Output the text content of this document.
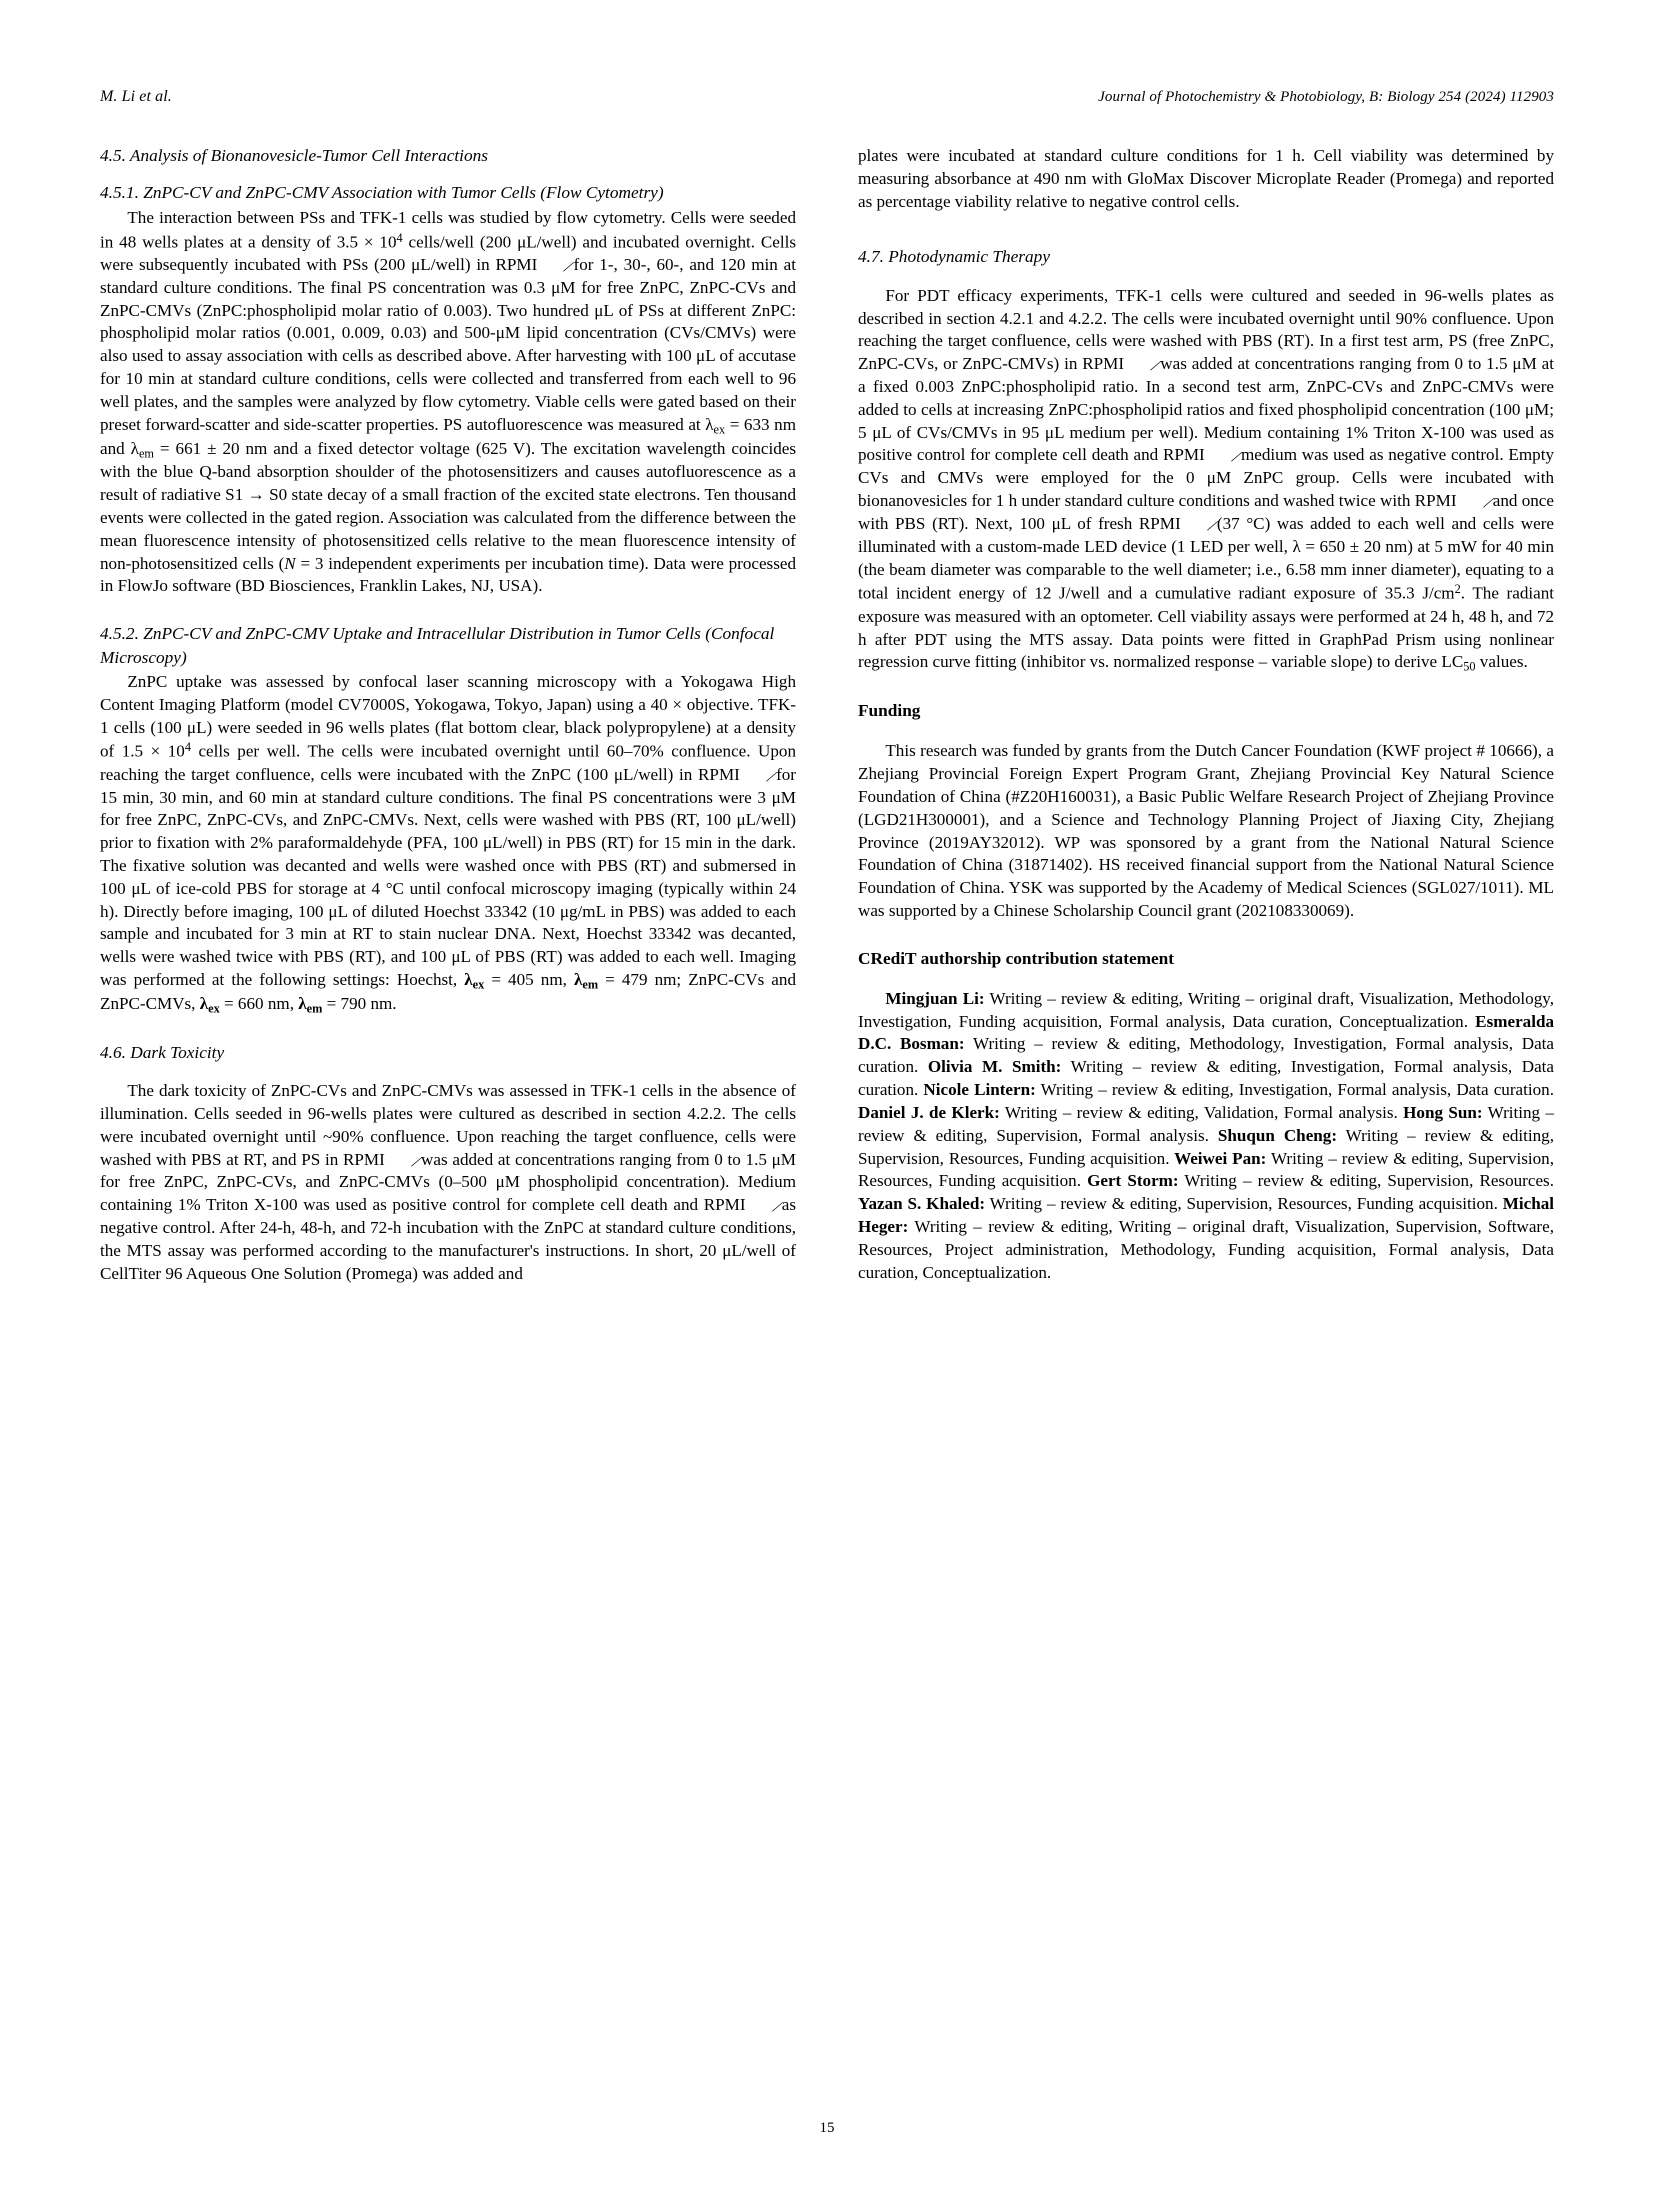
M. Li et al.	Journal of Photochemistry & Photobiology, B: Biology 254 (2024) 112903
4.5. Analysis of Bionanovesicle-Tumor Cell Interactions
4.5.1. ZnPC-CV and ZnPC-CMV Association with Tumor Cells (Flow Cytometry)

The interaction between PSs and TFK-1 cells was studied by flow cytometry. Cells were seeded in 48 wells plates at a density of $3.5 \times 10^4$ cells/well (200 μL/well) and incubated overnight. Cells were subsequently incubated with PSs (200 μL/well) in RPMI ∕for 1-, 30-, 60-, and 120 min at standard culture conditions. The final PS concentration was 0.3 μM for free ZnPC, ZnPC-CVs and ZnPC-CMVs (ZnPC:phospholipid molar ratio of 0.003). Two hundred μL of PSs at different ZnPC: phospholipid molar ratios (0.001, 0.009, 0.03) and 500-μM lipid concentration (CVs/CMVs) were also used to assay association with cells as described above. After harvesting with 100 μL of accutase for 10 min at standard culture conditions, cells were collected and transferred from each well to 96 well plates, and the samples were analyzed by flow cytometry. Viable cells were gated based on their preset forward-scatter and side-scatter properties. PS autofluorescence was measured at $\lambda_{ex} = 633$ nm and $\lambda_{em} = 661 \pm 20$ nm and a fixed detector voltage (625 V). The excitation wavelength coincides with the blue Q-band absorption shoulder of the photosensitizers and causes autofluorescence as a result of radiative S1 → S0 state decay of a small fraction of the excited state electrons. Ten thousand events were collected in the gated region. Association was calculated from the difference between the mean fluorescence intensity of photosensitized cells relative to the mean fluorescence intensity of non-photosensitized cells (N = 3 independent experiments per incubation time). Data were processed in FlowJo software (BD Biosciences, Franklin Lakes, NJ, USA).

4.5.2. ZnPC-CV and ZnPC-CMV Uptake and Intracellular Distribution in Tumor Cells (Confocal Microscopy)

ZnPC uptake was assessed by confocal laser scanning microscopy with a Yokogawa High Content Imaging Platform (model CV7000S, Yokogawa, Tokyo, Japan) using a 40 × objective. TFK-1 cells (100 μL) were seeded in 96 wells plates (flat bottom clear, black polypropylene) at a density of $1.5 \times 10^4$ cells per well. The cells were incubated overnight until 60–70% confluence. Upon reaching the target confluence, cells were incubated with the ZnPC (100 μL/well) in RPMI ∕for 15 min, 30 min, and 60 min at standard culture conditions. The final PS concentrations were 3 μM for free ZnPC, ZnPC-CVs, and ZnPC-CMVs. Next, cells were washed with PBS (RT, 100 μL/well) prior to fixation with 2% paraformaldehyde (PFA, 100 μL/well) in PBS (RT) for 15 min in the dark. The fixative solution was decanted and wells were washed once with PBS (RT) and submersed in 100 μL of ice-cold PBS for storage at 4 °C until confocal microscopy imaging (typically within 24 h). Directly before imaging, 100 μL of diluted Hoechst 33342 (10 μg/mL in PBS) was added to each sample and incubated for 3 min at RT to stain nuclear DNA. Next, Hoechst 33342 was decanted, wells were washed twice with PBS (RT), and 100 μL of PBS (RT) was added to each well. Imaging was performed at the following settings: Hoechst, $\lambda_{ex} = 405$ nm, $\lambda_{em} = 479$ nm; ZnPC-CVs and ZnPC-CMVs, $\lambda_{ex} = 660$ nm, $\lambda_{em} = 790$ nm.

4.6. Dark Toxicity

The dark toxicity of ZnPC-CVs and ZnPC-CMVs was assessed in TFK-1 cells in the absence of illumination. Cells seeded in 96-wells plates were cultured as described in section 4.2.2. The cells were incubated overnight until ~90% confluence. Upon reaching the target confluence, cells were washed with PBS at RT, and PS in RPMI ∕was added at concentrations ranging from 0 to 1.5 μM for free ZnPC, ZnPC-CVs, and ZnPC-CMVs (0–500 μM phospholipid concentration). Medium containing 1% Triton X-100 was used as positive control for complete cell death and RPMI ∕as negative control. After 24-h, 48-h, and 72-h incubation with the ZnPC at standard culture conditions, the MTS assay was performed according to the manufacturer's instructions. In short, 20 μL/well of CellTiter 96 Aqueous One Solution (Promega) was added and

plates were incubated at standard culture conditions for 1 h. Cell viability was determined by measuring absorbance at 490 nm with GloMax Discover Microplate Reader (Promega) and reported as percentage viability relative to negative control cells.

4.7. Photodynamic Therapy

For PDT efficacy experiments, TFK-1 cells were cultured and seeded in 96-wells plates as described in section 4.2.1 and 4.2.2. The cells were incubated overnight until 90% confluence. Upon reaching the target confluence, cells were washed with PBS (RT). In a first test arm, PS (free ZnPC, ZnPC-CVs, or ZnPC-CMVs) in RPMI ∕was added at concentrations ranging from 0 to 1.5 μM at a fixed 0.003 ZnPC:phospholipid ratio. In a second test arm, ZnPC-CVs and ZnPC-CMVs were added to cells at increasing ZnPC:phospholipid ratios and fixed phospholipid concentration (100 μM; 5 μL of CVs/CMVs in 95 μL medium per well). Medium containing 1% Triton X-100 was used as positive control for complete cell death and RPMI ∕medium was used as negative control. Empty CVs and CMVs were employed for the 0 μM ZnPC group. Cells were incubated with bionanovesicles for 1 h under standard culture conditions and washed twice with RPMI ∕and once with PBS (RT). Next, 100 μL of fresh RPMI ∕(37 °C) was added to each well and cells were illuminated with a custom-made LED device (1 LED per well, λ = 650 ± 20 nm) at 5 mW for 40 min (the beam diameter was comparable to the well diameter; i.e., 6.58 mm inner diameter), equating to a total incident energy of 12 J/well and a cumulative radiant exposure of 35.3 $J/cm^2$. The radiant exposure was measured with an optometer. Cell viability assays were performed at 24 h, 48 h, and 72 h after PDT using the MTS assay. Data points were fitted in GraphPad Prism using nonlinear regression curve fitting (inhibitor vs. normalized response – variable slope) to derive $LC_{50}$ values.

Funding

This research was funded by grants from the Dutch Cancer Foundation (KWF project # 10666), a Zhejiang Provincial Foreign Expert Program Grant, Zhejiang Provincial Key Natural Science Foundation of China (#Z20H160031), a Basic Public Welfare Research Project of Zhejiang Province (LGD21H300001), and a Science and Technology Planning Project of Jiaxing City, Zhejiang Province (2019AY32012). WP was sponsored by a grant from the National Natural Science Foundation of China (31871402). HS received financial support from the National Natural Science Foundation of China. YSK was supported by the Academy of Medical Sciences (SGL027/1011). ML was supported by a Chinese Scholarship Council grant (202108330069).

CRediT authorship contribution statement

Mingjuan Li: Writing – review & editing, Writing – original draft, Visualization, Methodology, Investigation, Funding acquisition, Formal analysis, Data curation, Conceptualization. Esmeralda D.C. Bosman: Writing – review & editing, Methodology, Investigation, Formal analysis, Data curation. Olivia M. Smith: Writing – review & editing, Investigation, Formal analysis, Data curation. Nicole Lintern: Writing – review & editing, Investigation, Formal analysis, Data curation. Daniel J. de Klerk: Writing – review & editing, Validation, Formal analysis. Hong Sun: Writing – review & editing, Supervision, Formal analysis. Shuqun Cheng: Writing – review & editing, Supervision, Resources, Funding acquisition. Weiwei Pan: Writing – review & editing, Supervision, Resources, Funding acquisition. Gert Storm: Writing – review & editing, Supervision, Resources. Yazan S. Khaled: Writing – review & editing, Supervision, Resources, Funding acquisition. Michal Heger: Writing – review & editing, Writing – original draft, Visualization, Supervision, Software, Resources, Project administration, Methodology, Funding acquisition, Formal analysis, Data curation, Conceptualization.

15
